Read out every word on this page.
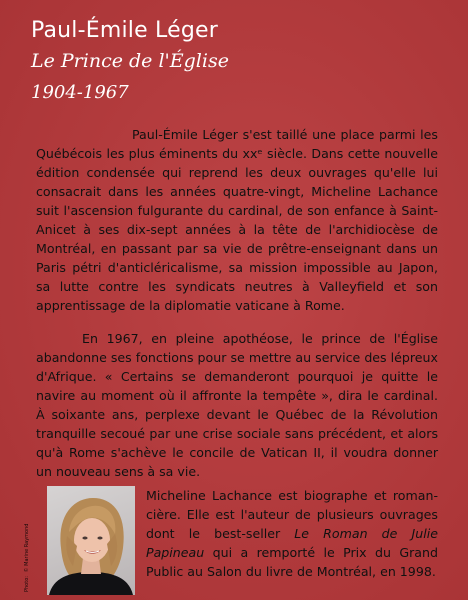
Paul-Émile Léger
Le Prince de l'Église
1904-1967

Paul-Émile Léger s'est taillé une place parmi les Québécois les plus éminents du xxᵉ siècle. Dans cette nouvelle édition condensée qui reprend les deux ouvrages qu'elle lui consacrait dans les années quatre-vingt, Micheline Lachance suit l'ascension fulgurante du cardinal, de son enfance à Saint-Anicet à ses dix-sept années à la tête de l'archidiocèse de Montréal, en passant par sa vie de prêtre-enseignant dans un Paris pétri d'anticléricalisme, sa mission impossible au Japon, sa lutte contre les syndicats neutres à Valleyfield et son apprentissage de la diplomatie vaticane à Rome.

En 1967, en pleine apothéose, le prince de l'Église abandonne ses fonctions pour se mettre au service des lépreux d'Afrique. « Certains se demanderont pourquoi je quitte le navire au moment où il affronte la tempête », dira le cardinal. À soixante ans, perplexe devant le Québec de la Révolution tranquille secoué par une crise sociale sans précédent, et alors qu'à Rome s'achève le concile de Vatican II, il voudra donner un nouveau sens à sa vie.

Photo: © Marine Raymond

Micheline Lachance est biographe et romancière. Elle est l'auteur de plusieurs ouvrages dont le best-seller Le Roman de Julie Papineau qui a remporté le Prix du Grand Public au Salon du livre de Montréal, en 1998.
